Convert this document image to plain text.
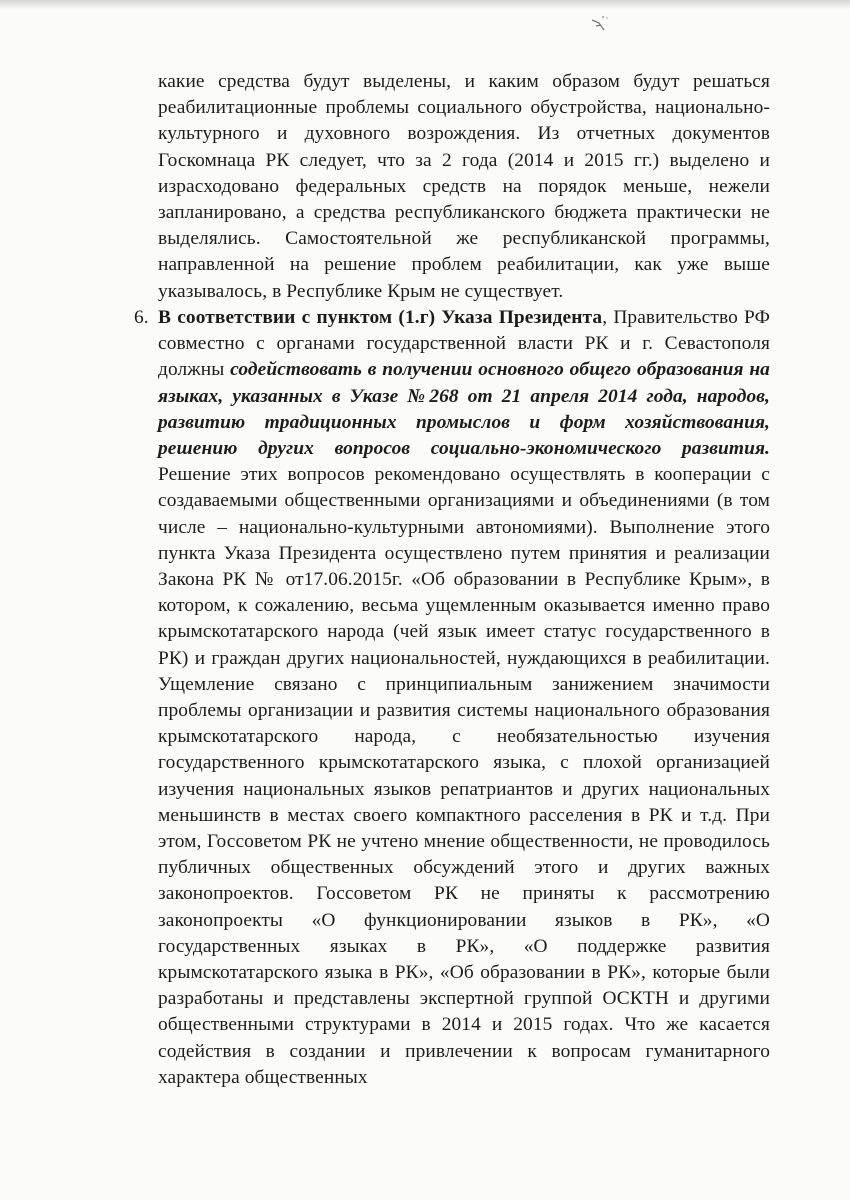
какие средства будут выделены, и каким образом будут решаться реабилитационные проблемы социального обустройства, национально-культурного и духовного возрождения. Из отчетных документов Госкомнаца РК следует, что за 2 года (2014 и 2015 гг.) выделено и израсходовано федеральных средств на порядок меньше, нежели запланировано, а средства республиканского бюджета практически не выделялись. Самостоятельной же республиканской программы, направленной на решение проблем реабилитации, как уже выше указывалось, в Республике Крым не существует.
6. В соответствии с пунктом (1.г) Указа Президента, Правительство РФ совместно с органами государственной власти РК и г. Севастополя должны содействовать в получении основного общего образования на языках, указанных в Указе №268 от 21 апреля 2014 года, народов, развитию традиционных промыслов и форм хозяйствования, решению других вопросов социально-экономического развития. Решение этих вопросов рекомендовано осуществлять в кооперации с создаваемыми общественными организациями и объединениями (в том числе – национально-культурными автономиями). Выполнение этого пункта Указа Президента осуществлено путем принятия и реализации Закона РК № от17.06.2015г. «Об образовании в Республике Крым», в котором, к сожалению, весьма ущемленным оказывается именно право крымскотатарского народа (чей язык имеет статус государственного в РК) и граждан других национальностей, нуждающихся в реабилитации. Ущемление связано с принципиальным занижением значимости проблемы организации и развития системы национального образования крымскотатарского народа, с необязательностью изучения государственного крымскотатарского языка, с плохой организацией изучения национальных языков репатриантов и других национальных меньшинств в местах своего компактного расселения в РК и т.д. При этом, Госсоветом РК не учтено мнение общественности, не проводилось публичных общественных обсуждений этого и других важных законопроектов. Госсоветом РК не приняты к рассмотрению законопроекты «О функционировании языков в РК», «О государственных языках в РК», «О поддержке развития крымскотатарского языка в РК», «Об образовании в РК», которые были разработаны и представлены экспертной группой ОСКТН и другими общественными структурами в 2014 и 2015 годах. Что же касается содействия в создании и привлечении к вопросам гуманитарного характера общественных
